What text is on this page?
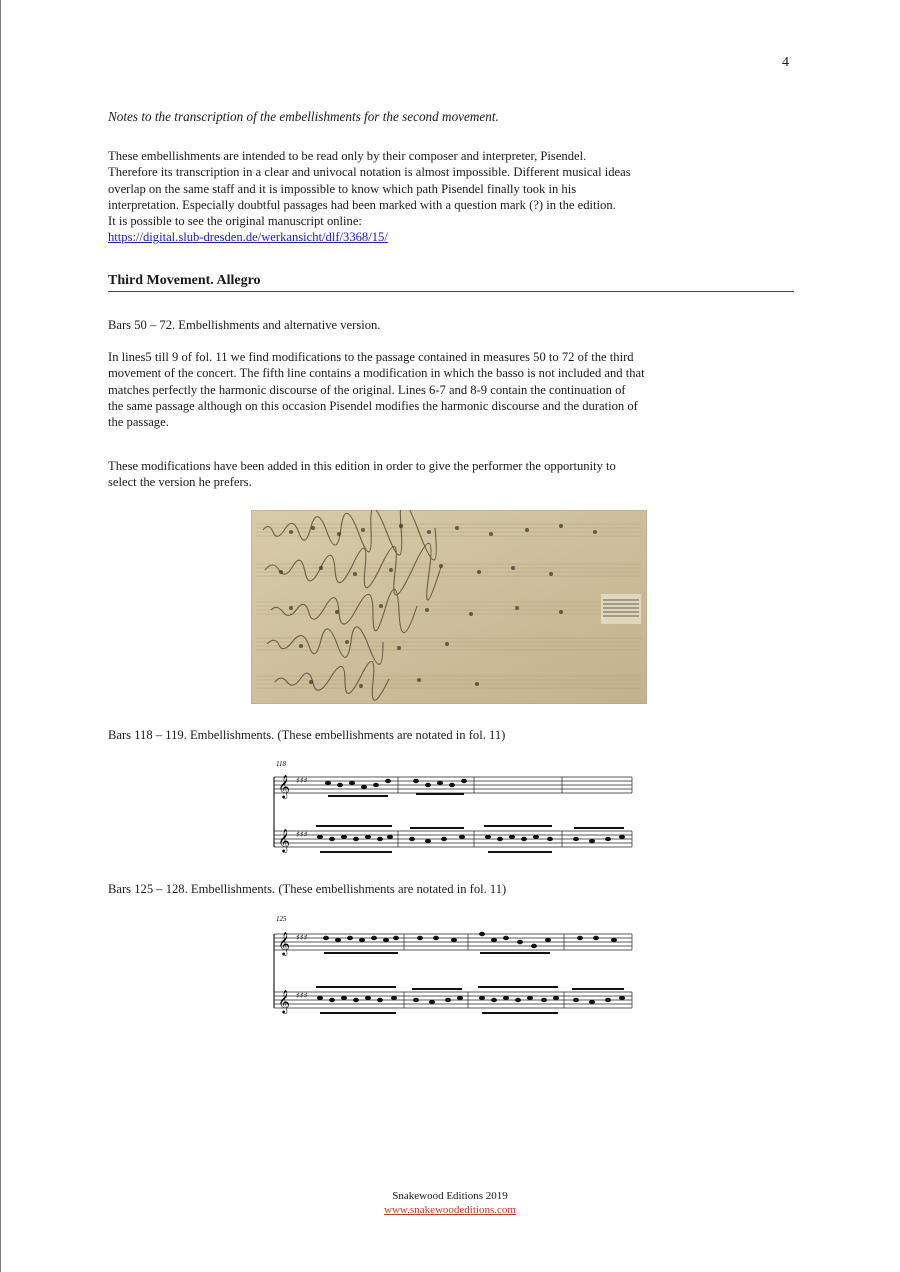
4
Notes to the transcription of the embellishments for the second movement.
These embellishments are intended to be read only by their composer and interpreter, Pisendel.
Therefore its transcription in a clear and univocal notation is almost impossible. Different musical ideas
overlap on the same staff and it is impossible to know which path Pisendel finally took in his
interpretation. Especially doubtful passages had been marked with a question mark (?) in the edition.
It is possible to see the original manuscript online:
https://digital.slub-dresden.de/werkansicht/dlf/3368/15/
Third Movement. Allegro
Bars 50 – 72. Embellishments and alternative version.
In lines5 till 9 of fol. 11 we find modifications to the passage contained in measures 50 to 72 of the third
movement of the concert. The fifth line contains a modification in which the basso is not included and that
matches perfectly the harmonic discourse of the original. Lines 6-7 and 8-9 contain the continuation of
the same passage although on this occasion Pisendel modifies the harmonic discourse and the duration of
the passage.
These modifications have been added in this edition in order to give the performer the opportunity to
select the version he prefers.
Bars 118 – 119. Embellishments. (These embellishments are notated in fol. 11)
118
𝄞
𝄞
♯♯♯
♯♯♯
Bars 125 – 128. Embellishments. (These embellishments are notated in fol. 11)
125
𝄞
𝄞
♯♯♯
♯♯♯
Snakewood Editions 2019
www.snakewoodeditions.com
